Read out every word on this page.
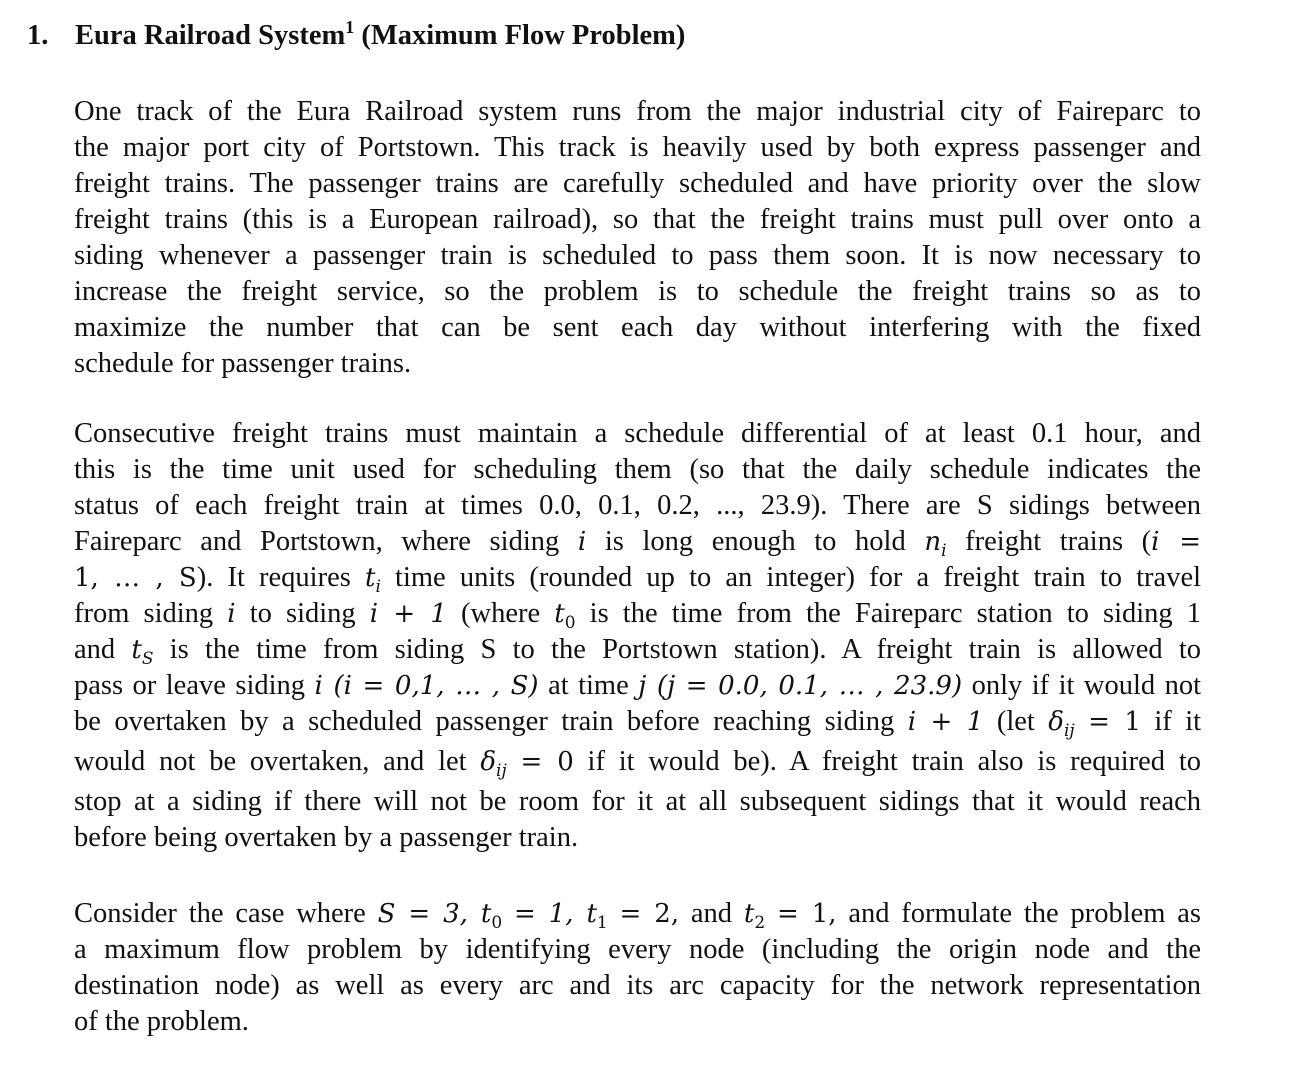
1. Eura Railroad System$^1$ (Maximum Flow Problem)
One track of the Eura Railroad system runs from the major industrial city of Faireparc to
the major port city of Portstown. This track is heavily used by both express passenger and
freight trains. The passenger trains are carefully scheduled and have priority over the slow
freight trains (this is a European railroad), so that the freight trains must pull over onto a
siding whenever a passenger train is scheduled to pass them soon. It is now necessary to
increase the freight service, so the problem is to schedule the freight trains so as to
maximize the number that can be sent each day without interfering with the fixed
schedule for passenger trains.
Consecutive freight trains must maintain a schedule differential of at least 0.1 hour, and
this is the time unit used for scheduling them (so that the daily schedule indicates the
status of each freight train at times 0.0, 0.1, 0.2, ..., 23.9). There are S sidings between
Faireparc and Portstown, where siding i is long enough to hold $n_i$ freight trains (i =
1, … , S). It requires $t_i$ time units (rounded up to an integer) for a freight train to travel
from siding i to siding i + 1 (where $t_0$ is the time from the Faireparc station to siding 1
and $t_S$ is the time from siding S to the Portstown station). A freight train is allowed to
pass or leave siding i (i = 0,1, … , S) at time j (j = 0.0, 0.1, … , 23.9) only if it would not
be overtaken by a scheduled passenger train before reaching siding i + 1 (let $\delta_{ij} = 1$ if it
would not be overtaken, and let $\delta_{ij} = 0$ if it would be). A freight train also is required to
stop at a siding if there will not be room for it at all subsequent sidings that it would reach
before being overtaken by a passenger train.
Consider the case where S = 3, $t_0 = 1$, $t_1 = 2$, and $t_2 = 1$, and formulate the problem as
a maximum flow problem by identifying every node (including the origin node and the
destination node) as well as every arc and its arc capacity for the network representation
of the problem.
